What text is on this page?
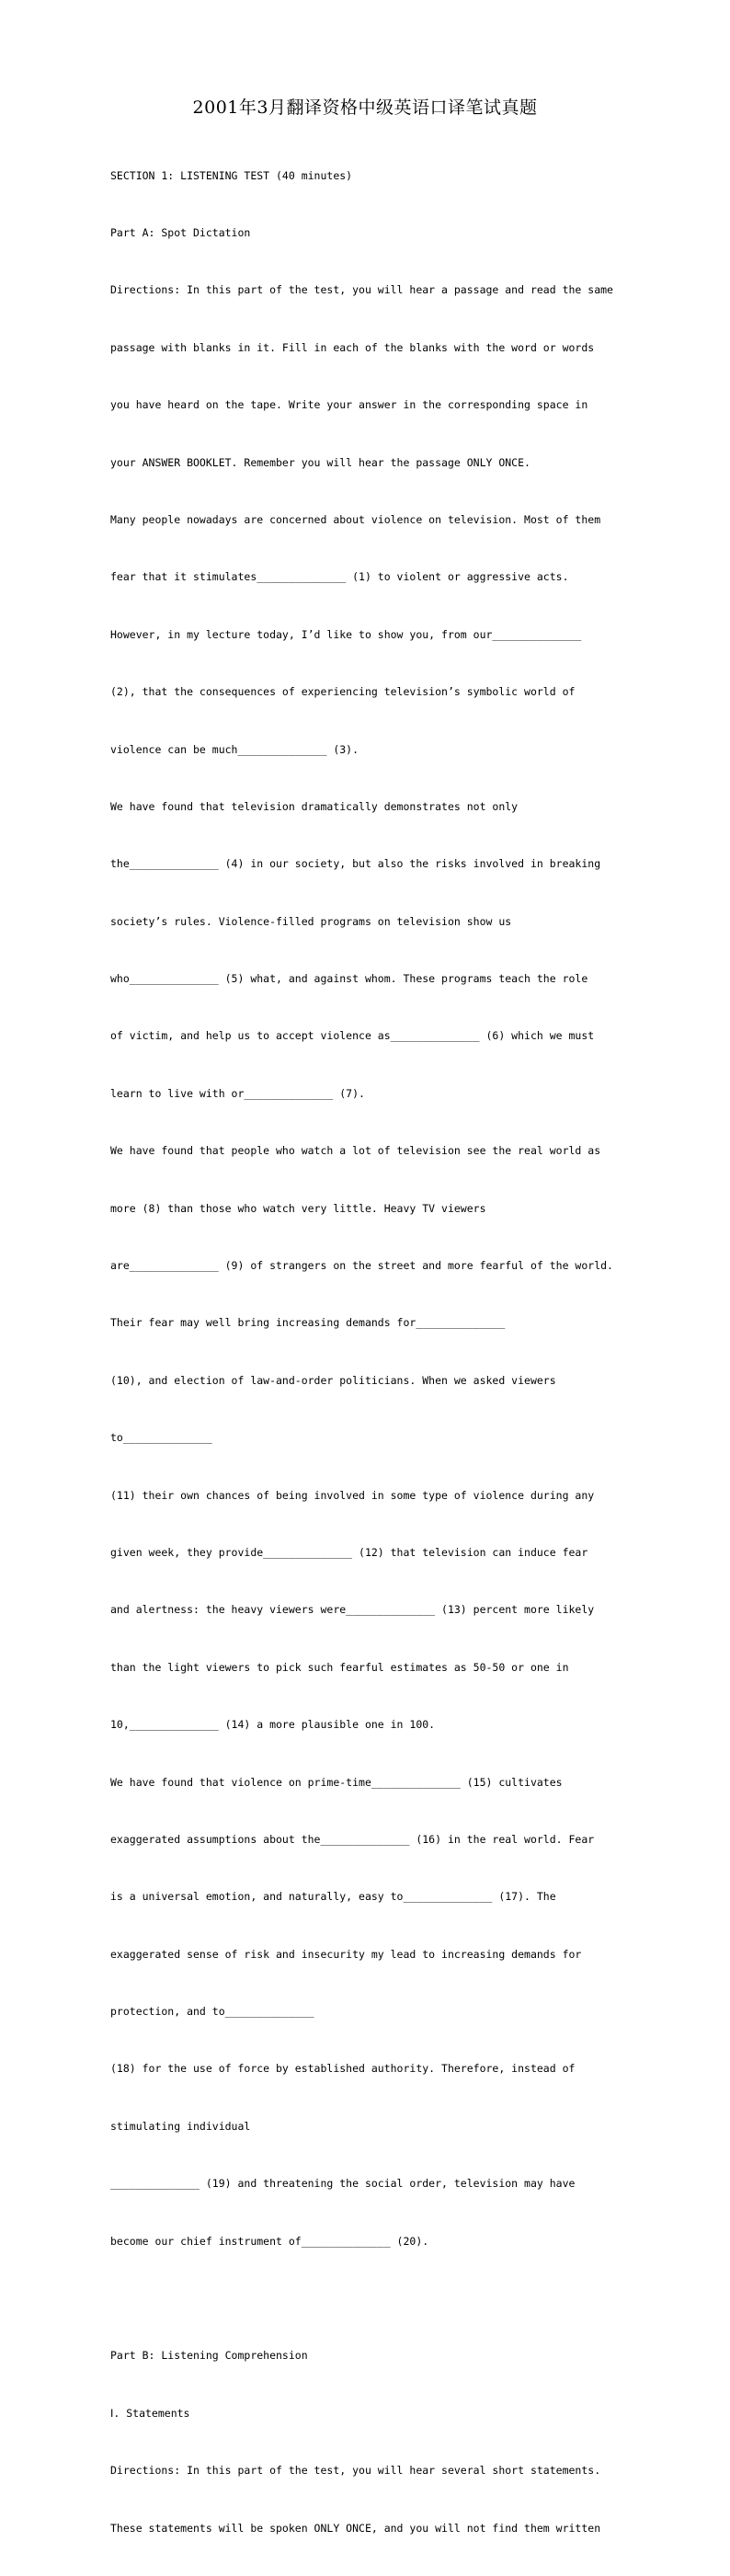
2001年3月翻译资格中级英语口译笔试真题

SECTION 1: LISTENING TEST (40 minutes)

Part A: Spot Dictation

Directions: In this part of the test, you will hear a passage and read the same

passage with blanks in it. Fill in each of the blanks with the word or words

you have heard on the tape. Write your answer in the corresponding space in

your ANSWER BOOKLET. Remember you will hear the passage ONLY ONCE.

Many people nowadays are concerned about violence on television. Most of them

fear that it stimulates______________ (1) to violent or aggressive acts.

However, in my lecture today, I’d like to show you, from our______________

(2), that the consequences of experiencing television’s symbolic world of

violence can be much______________ (3).

We have found that television dramatically demonstrates not only

the______________ (4) in our society, but also the risks involved in breaking

society’s rules. Violence-filled programs on television show us

who______________ (5) what, and against whom. These programs teach the role

of victim, and help us to accept violence as______________ (6) which we must

learn to live with or______________ (7).

We have found that people who watch a lot of television see the real world as

more (8) than those who watch very little. Heavy TV viewers

are______________ (9) of strangers on the street and more fearful of the world.

Their fear may well bring increasing demands for______________

(10), and election of law-and-order politicians. When we asked viewers

to______________

(11) their own chances of being involved in some type of violence during any

given week, they provide______________ (12) that television can induce fear

and alertness: the heavy viewers were______________ (13) percent more likely

than the light viewers to pick such fearful estimates as 50-50 or one in

10,______________ (14) a more plausible one in 100.

We have found that violence on prime-time______________ (15) cultivates

exaggerated assumptions about the______________ (16) in the real world. Fear

is a universal emotion, and naturally, easy to______________ (17). The

exaggerated sense of risk and insecurity my lead to increasing demands for

protection, and to______________

(18) for the use of force by established authority. Therefore, instead of

stimulating individual

______________ (19) and threatening the social order, television may have

become our chief instrument of______________ (20).

Part B: Listening Comprehension

Ⅰ. Statements

Directions: In this part of the test, you will hear several short statements.

These statements will be spoken ONLY ONCE, and you will not find them written
